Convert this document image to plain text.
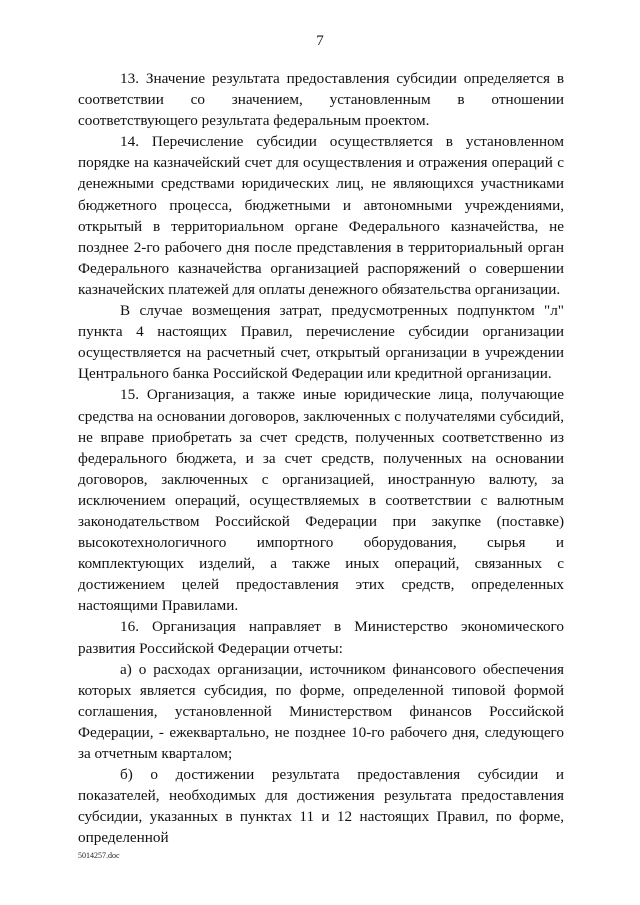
7

13. Значение результата предоставления субсидии определяется в соответствии со значением, установленным в отношении соответствующего результата федеральным проектом.

14. Перечисление субсидии осуществляется в установленном порядке на казначейский счет для осуществления и отражения операций с денежными средствами юридических лиц, не являющихся участниками бюджетного процесса, бюджетными и автономными учреждениями, открытый в территориальном органе Федерального казначейства, не позднее 2-го рабочего дня после представления в территориальный орган Федерального казначейства организацией распоряжений о совершении казначейских платежей для оплаты денежного обязательства организации.

В случае возмещения затрат, предусмотренных подпунктом "л" пункта 4 настоящих Правил, перечисление субсидии организации осуществляется на расчетный счет, открытый организации в учреждении Центрального банка Российской Федерации или кредитной организации.

15. Организация, а также иные юридические лица, получающие средства на основании договоров, заключенных с получателями субсидий, не вправе приобретать за счет средств, полученных соответственно из федерального бюджета, и за счет средств, полученных на основании договоров, заключенных с организацией, иностранную валюту, за исключением операций, осуществляемых в соответствии с валютным законодательством Российской Федерации при закупке (поставке) высокотехнологичного импортного оборудования, сырья и комплектующих изделий, а также иных операций, связанных с достижением целей предоставления этих средств, определенных настоящими Правилами.

16. Организация направляет в Министерство экономического развития Российской Федерации отчеты:

а) о расходах организации, источником финансового обеспечения которых является субсидия, по форме, определенной типовой формой соглашения, установленной Министерством финансов Российской Федерации, - ежеквартально, не позднее 10-го рабочего дня, следующего за отчетным кварталом;

б) о достижении результата предоставления субсидии и показателей, необходимых для достижения результата предоставления субсидии, указанных в пунктах 11 и 12 настоящих Правил, по форме, определенной

5014257.doc
